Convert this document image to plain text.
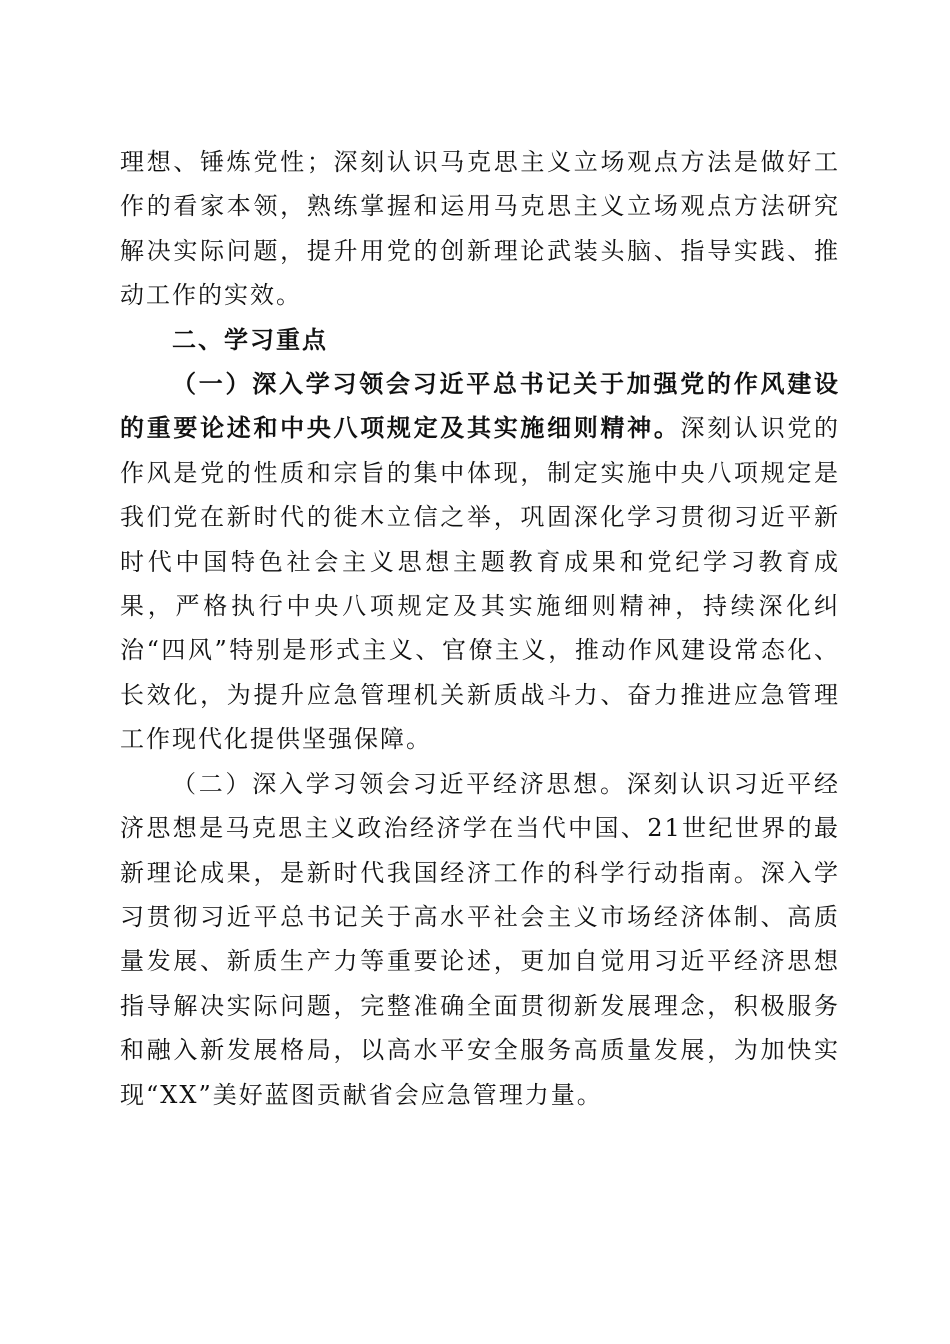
理想、锤炼党性；深刻认识马克思主义立场观点方法是做好工作的看家本领，熟练掌握和运用马克思主义立场观点方法研究解决实际问题，提升用党的创新理论武装头脑、指导实践、推动工作的实效。

二、学习重点

（一）深入学习领会习近平总书记关于加强党的作风建设的重要论述和中央八项规定及其实施细则精神。深刻认识党的作风是党的性质和宗旨的集中体现，制定实施中央八项规定是我们党在新时代的徙木立信之举，巩固深化学习贯彻习近平新时代中国特色社会主义思想主题教育成果和党纪学习教育成果，严格执行中央八项规定及其实施细则精神，持续深化纠治“四风”特别是形式主义、官僚主义，推动作风建设常态化、长效化，为提升应急管理机关新质战斗力、奋力推进应急管理工作现代化提供坚强保障。

（二）深入学习领会习近平经济思想。深刻认识习近平经济思想是马克思主义政治经济学在当代中国、21世纪世界的最新理论成果，是新时代我国经济工作的科学行动指南。深入学习贯彻习近平总书记关于高水平社会主义市场经济体制、高质量发展、新质生产力等重要论述，更加自觉用习近平经济思想指导解决实际问题，完整准确全面贯彻新发展理念，积极服务和融入新发展格局，以高水平安全服务高质量发展，为加快实现“XX”美好蓝图贡献省会应急管理力量。
